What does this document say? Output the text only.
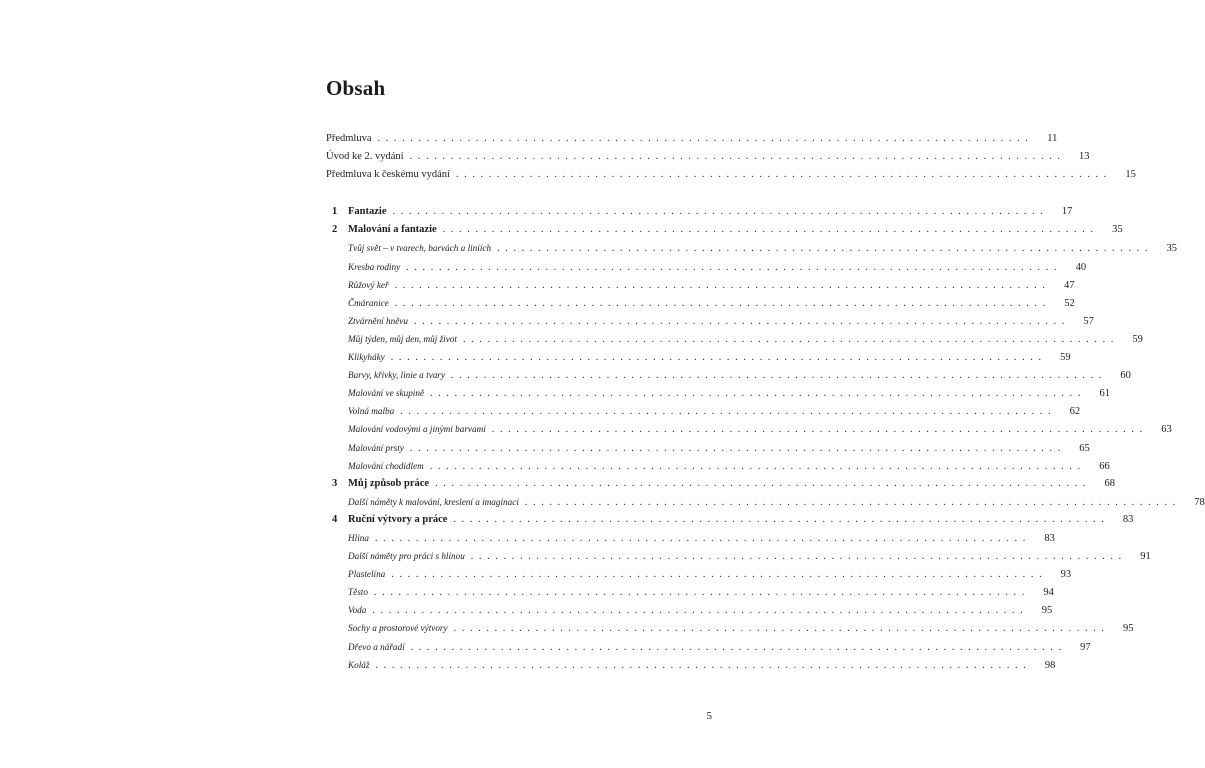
Obsah
Předmluva . . . . . . . . . . . . . . . . . . . . . . . . . . . . . . . . . . . . . . . . . . . . . . . . . . . . . . . . . . . . . . . . . . . . . . . . . . . . . . . .	11
Úvod ke 2. vydání . . . . . . . . . . . . . . . . . . . . . . . . . . . . . . . . . . . . . . . . . . . . . . . . . . . . . . . . . . . . . . . . . . . . . . . . . . . . . . . .	13
Předmluva k českému vydání . . . . . . . . . . . . . . . . . . . . . . . . . . . . . . . . . . . . . . . . . . . . . . . . . . . . . . . . . . . . . . . . . . . . . . . . . . . . . . . .	15
1	Fantazie . . . . . . . . . . . . . . . . . . . . . . . . . . . . . . . . . . . . . . . . . . . . . . . . . . . . . . . . . . . . . . . . . . . . . . . . . . . . . . . .	17
2	Malování a fantazie . . . . . . . . . . . . . . . . . . . . . . . . . . . . . . . . . . . . . . . . . . . . . . . . . . . . . . . . . . . . . . . . . . . . . . . . . . . . . . . .	35
Tvůj svět – v tvarech, barvách a liniích . . . . . . . . . . . . . . . . . . . . . . . . . . . . . . . . . . . . . . . . . . . . . . . . . . . . . . . . . . . . . . . . . . . . . . . . . . . . . . . .	35
Kresba rodiny . . . . . . . . . . . . . . . . . . . . . . . . . . . . . . . . . . . . . . . . . . . . . . . . . . . . . . . . . . . . . . . . . . . . . . . . . . . . . . . .	40
Růžový keř . . . . . . . . . . . . . . . . . . . . . . . . . . . . . . . . . . . . . . . . . . . . . . . . . . . . . . . . . . . . . . . . . . . . . . . . . . . . . . . .	47
Čmáranice . . . . . . . . . . . . . . . . . . . . . . . . . . . . . . . . . . . . . . . . . . . . . . . . . . . . . . . . . . . . . . . . . . . . . . . . . . . . . . . .	52
Ztvárnění hněvu . . . . . . . . . . . . . . . . . . . . . . . . . . . . . . . . . . . . . . . . . . . . . . . . . . . . . . . . . . . . . . . . . . . . . . . . . . . . . . . .	57
Můj týden, můj den, můj život . . . . . . . . . . . . . . . . . . . . . . . . . . . . . . . . . . . . . . . . . . . . . . . . . . . . . . . . . . . . . . . . . . . . . . . . . . . . . . . .	59
Klikyháky . . . . . . . . . . . . . . . . . . . . . . . . . . . . . . . . . . . . . . . . . . . . . . . . . . . . . . . . . . . . . . . . . . . . . . . . . . . . . . . .	59
Barvy, křivky, linie a tvary . . . . . . . . . . . . . . . . . . . . . . . . . . . . . . . . . . . . . . . . . . . . . . . . . . . . . . . . . . . . . . . . . . . . . . . . . . . . . . . .	60
Malování ve skupině . . . . . . . . . . . . . . . . . . . . . . . . . . . . . . . . . . . . . . . . . . . . . . . . . . . . . . . . . . . . . . . . . . . . . . . . . . . . . . . .	61
Volná malba . . . . . . . . . . . . . . . . . . . . . . . . . . . . . . . . . . . . . . . . . . . . . . . . . . . . . . . . . . . . . . . . . . . . . . . . . . . . . . . .	62
Malování vodovými a jinými barvami . . . . . . . . . . . . . . . . . . . . . . . . . . . . . . . . . . . . . . . . . . . . . . . . . . . . . . . . . . . . . . . . . . . . . . . . . . . . . . . .	63
Malování prsty . . . . . . . . . . . . . . . . . . . . . . . . . . . . . . . . . . . . . . . . . . . . . . . . . . . . . . . . . . . . . . . . . . . . . . . . . . . . . . . .	65
Malování chodidlem . . . . . . . . . . . . . . . . . . . . . . . . . . . . . . . . . . . . . . . . . . . . . . . . . . . . . . . . . . . . . . . . . . . . . . . . . . . . . . . .	66
3	Můj způsob práce . . . . . . . . . . . . . . . . . . . . . . . . . . . . . . . . . . . . . . . . . . . . . . . . . . . . . . . . . . . . . . . . . . . . . . . . . . . . . . . .	68
Další náměty k malování, kreslení a imaginaci . . . . . . . . . . . . . . . . . . . . . . . . . . . . . . . . . . . . . . . . . . . . . . . . . . . . . . . . . . . . . . . . . . . . . . . . . . . . . . . .	78
4	Ruční výtvory a práce . . . . . . . . . . . . . . . . . . . . . . . . . . . . . . . . . . . . . . . . . . . . . . . . . . . . . . . . . . . . . . . . . . . . . . . . . . . . . . . .	83
Hlína . . . . . . . . . . . . . . . . . . . . . . . . . . . . . . . . . . . . . . . . . . . . . . . . . . . . . . . . . . . . . . . . . . . . . . . . . . . . . . . .	83
Další náměty pro práci s hlínou . . . . . . . . . . . . . . . . . . . . . . . . . . . . . . . . . . . . . . . . . . . . . . . . . . . . . . . . . . . . . . . . . . . . . . . . . . . . . . . .	91
Plastelína . . . . . . . . . . . . . . . . . . . . . . . . . . . . . . . . . . . . . . . . . . . . . . . . . . . . . . . . . . . . . . . . . . . . . . . . . . . . . . . .	93
Těsto . . . . . . . . . . . . . . . . . . . . . . . . . . . . . . . . . . . . . . . . . . . . . . . . . . . . . . . . . . . . . . . . . . . . . . . . . . . . . . . .	94
Voda . . . . . . . . . . . . . . . . . . . . . . . . . . . . . . . . . . . . . . . . . . . . . . . . . . . . . . . . . . . . . . . . . . . . . . . . . . . . . . . .	95
Sochy a prostorové výtvory . . . . . . . . . . . . . . . . . . . . . . . . . . . . . . . . . . . . . . . . . . . . . . . . . . . . . . . . . . . . . . . . . . . . . . . . . . . . . . . .	95
Dřevo a nářadí . . . . . . . . . . . . . . . . . . . . . . . . . . . . . . . . . . . . . . . . . . . . . . . . . . . . . . . . . . . . . . . . . . . . . . . . . . . . . . . .	97
Koláž . . . . . . . . . . . . . . . . . . . . . . . . . . . . . . . . . . . . . . . . . . . . . . . . . . . . . . . . . . . . . . . . . . . . . . . . . . . . . . . .	98
5
